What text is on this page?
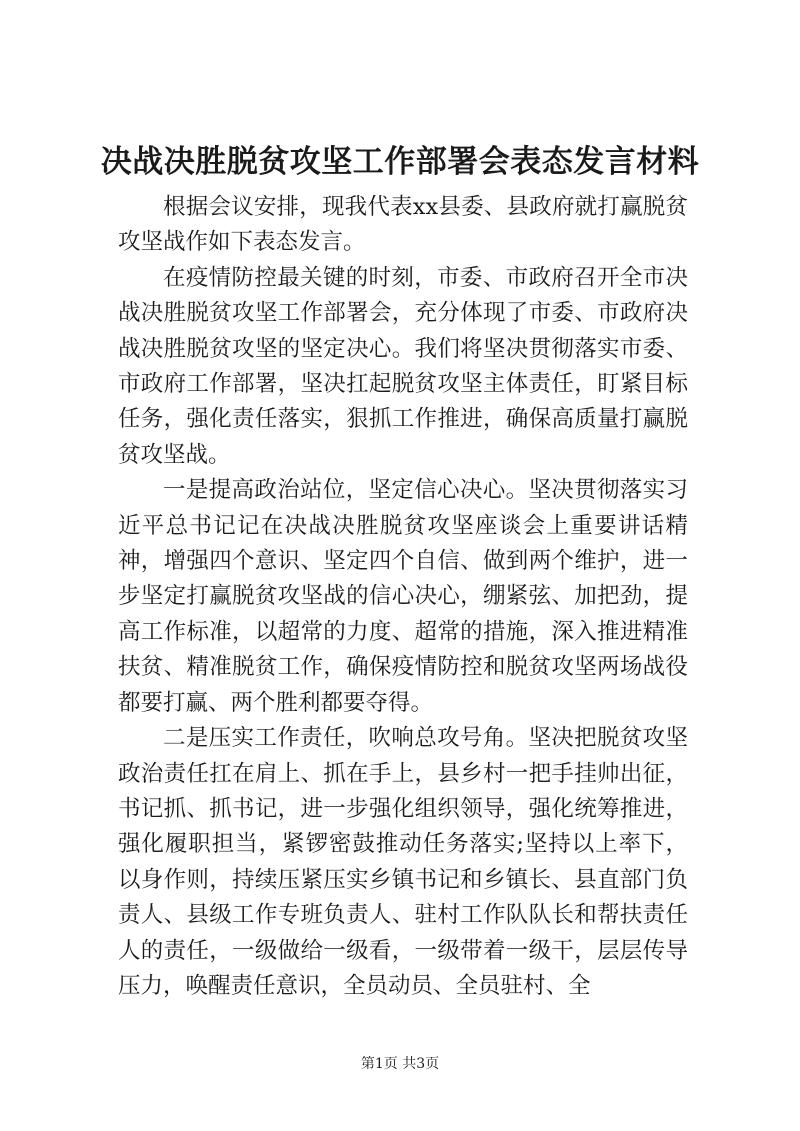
决战决胜脱贫攻坚工作部署会表态发言材料

根据会议安排，现我代表xx县委、县政府就打赢脱贫攻坚战作如下表态发言。

在疫情防控最关键的时刻，市委、市政府召开全市决战决胜脱贫攻坚工作部署会，充分体现了市委、市政府决战决胜脱贫攻坚的坚定决心。我们将坚决贯彻落实市委、市政府工作部署，坚决扛起脱贫攻坚主体责任，盯紧目标任务，强化责任落实，狠抓工作推进，确保高质量打赢脱贫攻坚战。

一是提高政治站位，坚定信心决心。坚决贯彻落实习近平总书记记在决战决胜脱贫攻坚座谈会上重要讲话精神，增强四个意识、坚定四个自信、做到两个维护，进一步坚定打赢脱贫攻坚战的信心决心，绷紧弦、加把劲，提高工作标准，以超常的力度、超常的措施，深入推进精准扶贫、精准脱贫工作，确保疫情防控和脱贫攻坚两场战役都要打赢、两个胜利都要夺得。

二是压实工作责任，吹响总攻号角。坚决把脱贫攻坚政治责任扛在肩上、抓在手上，县乡村一把手挂帅出征，书记抓、抓书记，进一步强化组织领导，强化统筹推进，强化履职担当，紧锣密鼓推动任务落实;坚持以上率下，以身作则，持续压紧压实乡镇书记和乡镇长、县直部门负责人、县级工作专班负责人、驻村工作队队长和帮扶责任人的责任，一级做给一级看，一级带着一级干，层层传导压力，唤醒责任意识，全员动员、全员驻村、全

第1页 共3页
